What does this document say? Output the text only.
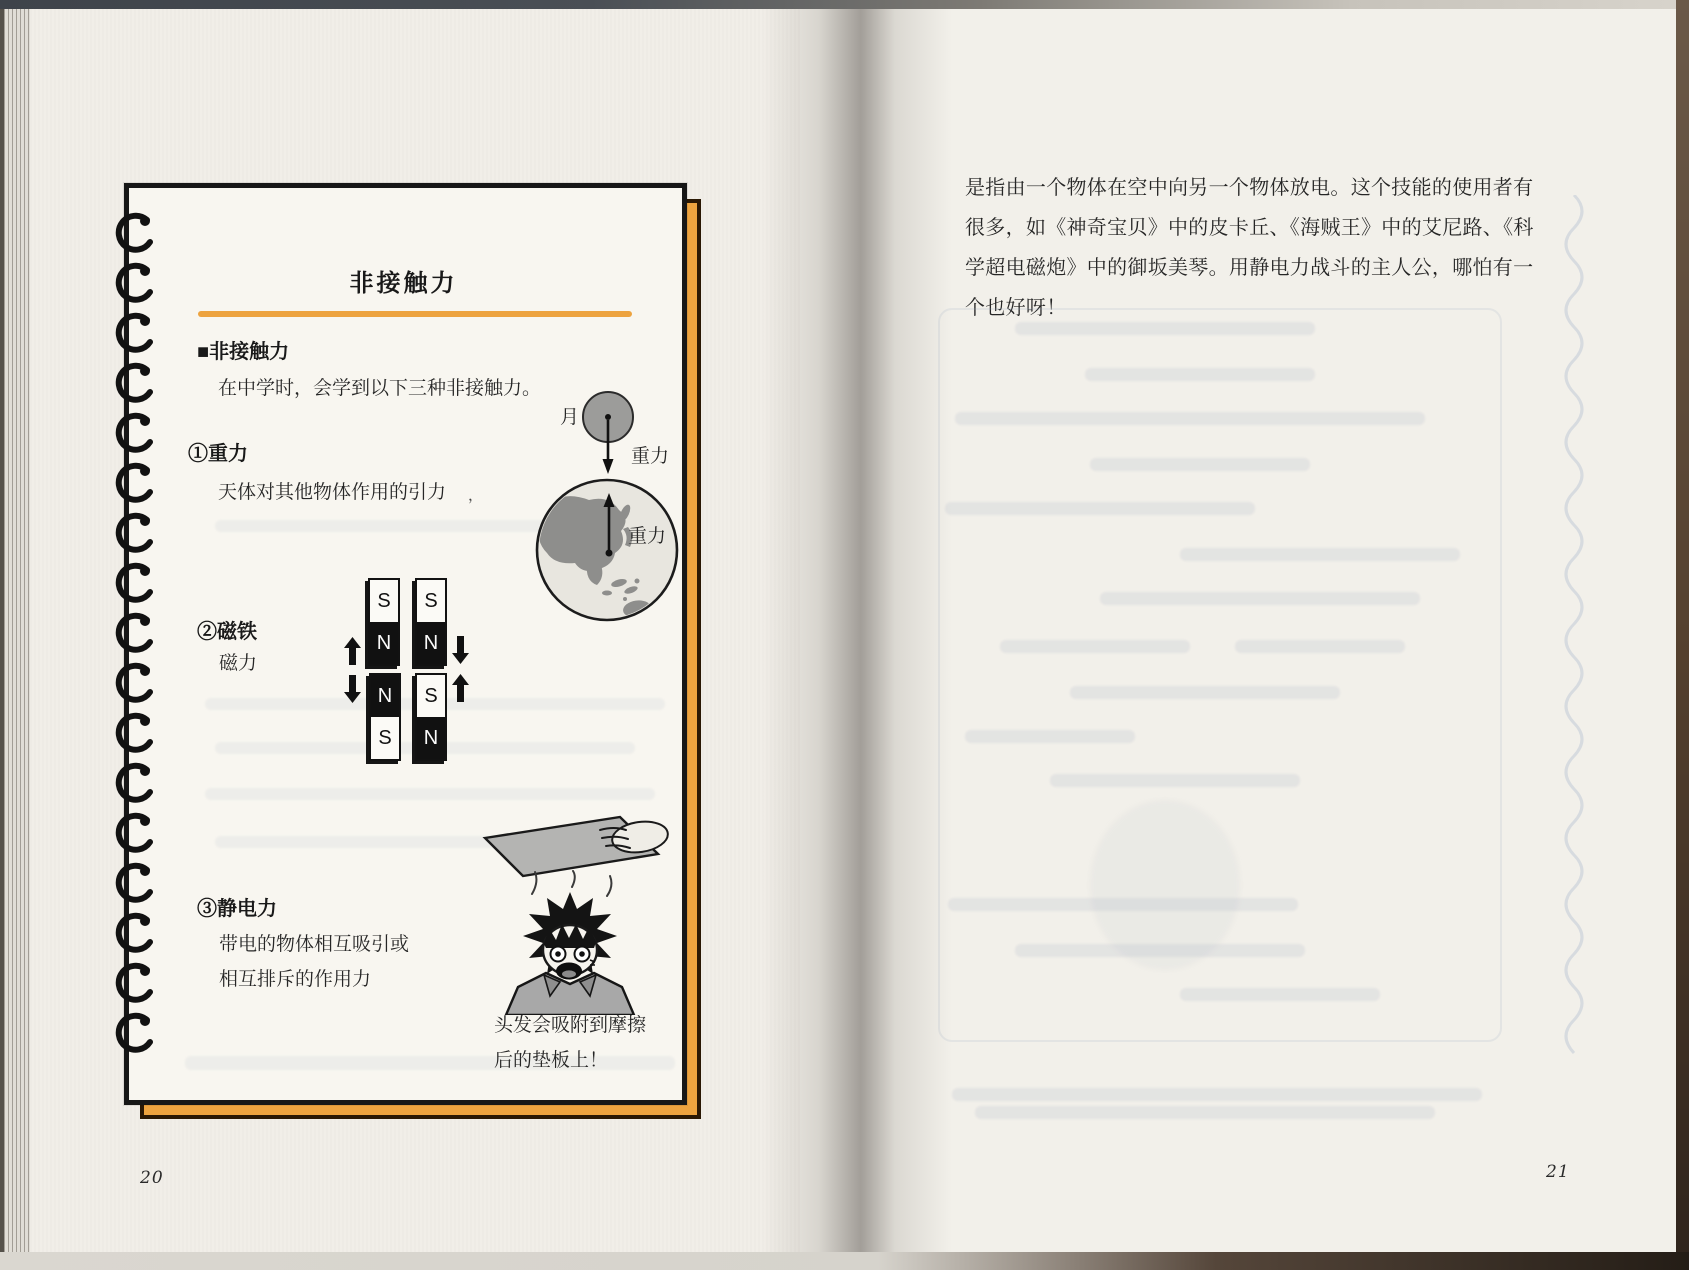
非接触力
■非接触力
在中学时，会学到以下三种非接触力。
①重力
天体对其他物体作用的引力 ，
月
重力
重力
②磁铁
磁力
S
N
S
N
N
S
S
N
③静电力
带电的物体相互吸引或
相互排斥的作用力
头发会吸附到摩擦
后的垫板上！
20
是指由一个物体在空中向另一个物体放电。这个技能的使用者有
很多，如《神奇宝贝》中的皮卡丘、《海贼王》中的艾尼路、《科
学超电磁炮》中的御坂美琴。用静电力战斗的主人公，哪怕有一
个也好呀！
21
